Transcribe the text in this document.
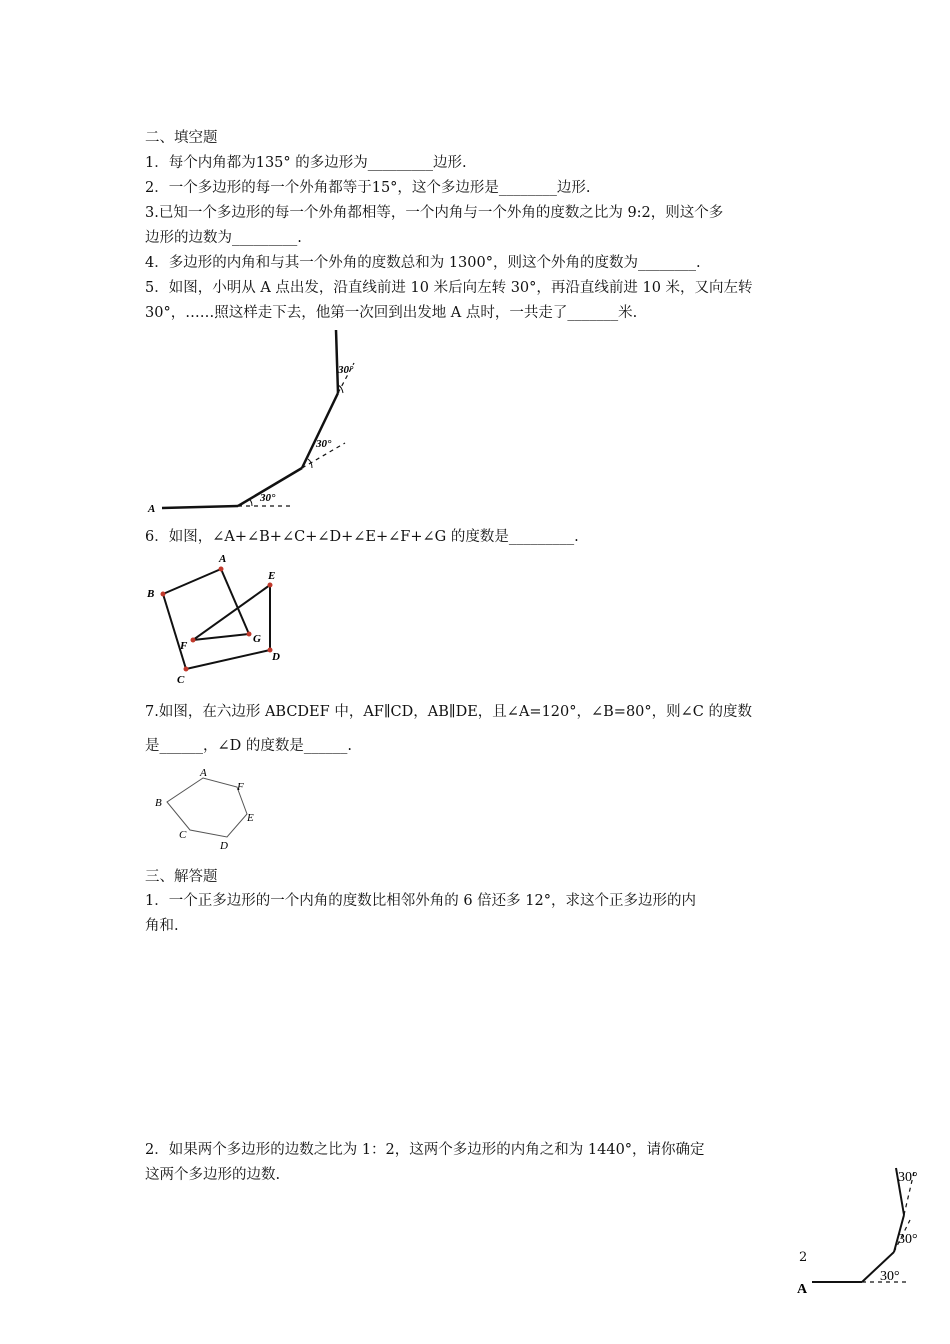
二、填空题
1．每个内角都为135° 的多边形为_________边形.
2．一个多边形的每一个外角都等于15°，这个多边形是________边形.
3.已知一个多边形的每一个外角都相等，一个内角与一个外角的度数之比为 9:2，则这个多
边形的边数为_________.
4．多边形的内角和与其一个外角的度数总和为 1300°，则这个外角的度数为________.
5．如图，小明从 A 点出发，沿直线前进 10 米后向左转 30°，再沿直线前进 10 米，又向左转
30°，……照这样走下去，他第一次回到出发地 A 点时，一共走了_______米.
A
30°
30°
30°
6．如图，∠A+∠B+∠C+∠D+∠E+∠F+∠G 的度数是_________.
A
B
C
D
E
F
G
7.如图，在六边形 ABCDEF 中，AF∥CD，AB∥DE，且∠A=120°，∠B=80°，则∠C 的度数
是______，∠D 的度数是______.
A
B
C
D
E
F
三、解答题
1．一个正多边形的一个内角的度数比相邻外角的 6 倍还多 12°，求这个正多边形的内
角和.
2．如果两个多边形的边数之比为 1：2，这两个多边形的内角之和为 1440°，请你确定
这两个多边形的边数.
2
A
30°
30°
30°
